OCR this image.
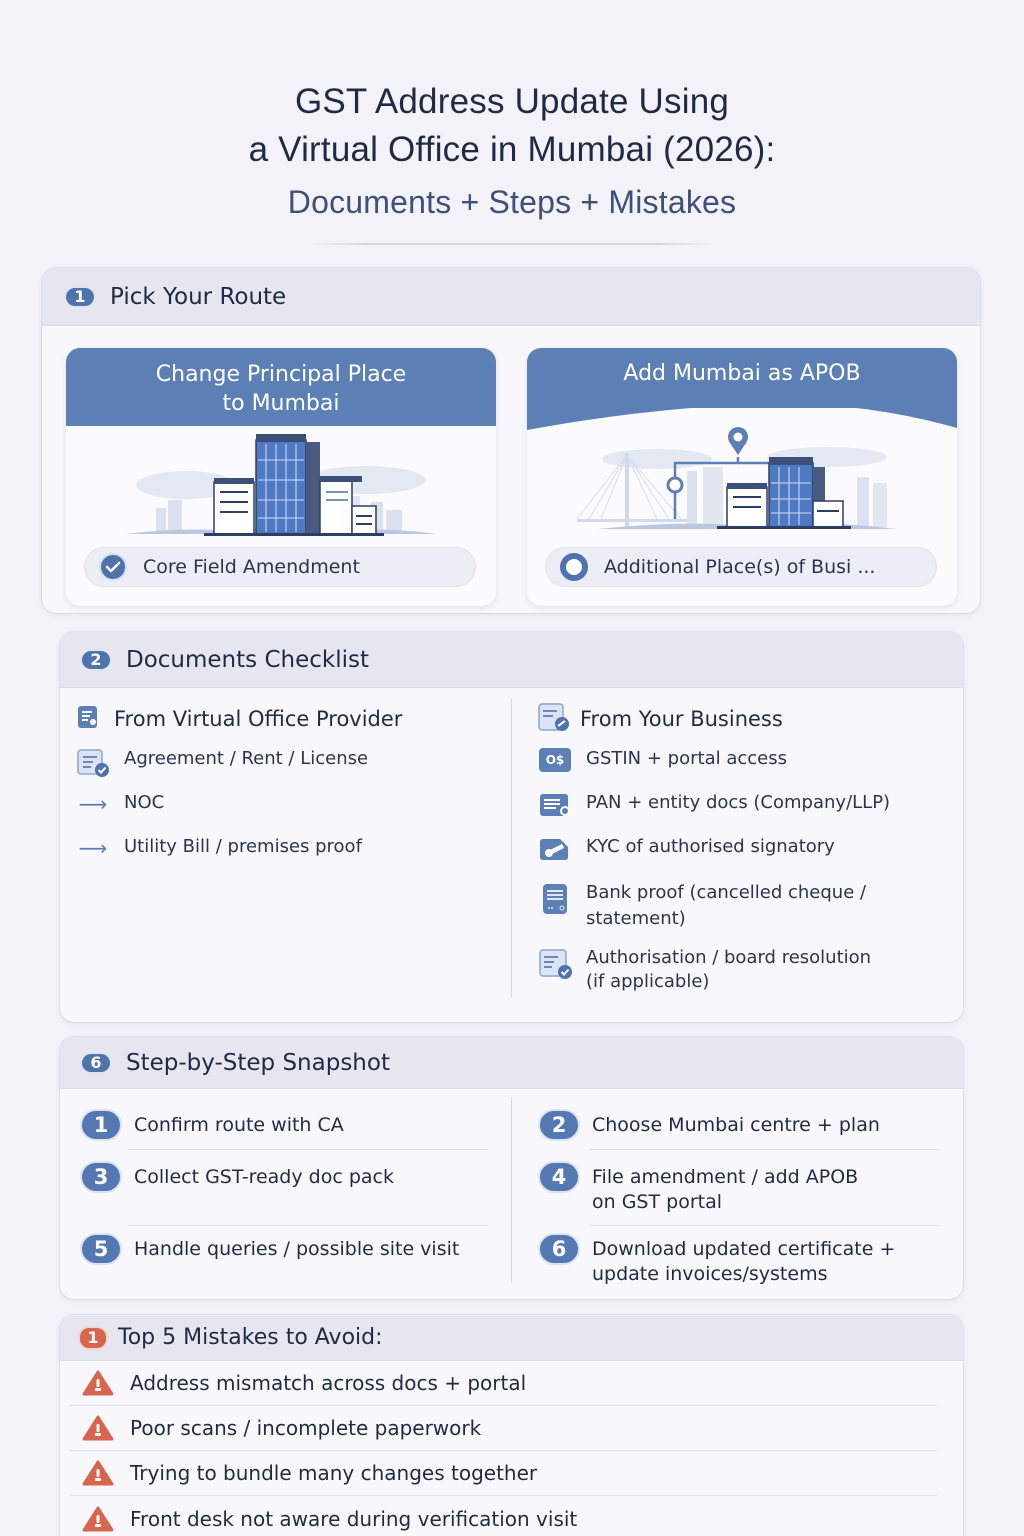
GST Address Update Using
a Virtual Office in Mumbai (2026):
Documents + Steps + Mistakes
1	Pick Your Route
Change Principal Place
to Mumbai
Core Field Amendment
Add Mumbai as APOB
Additional Place(s) of Busi ...
2	Documents Checklist
From Virtual Office Provider
Agreement / Rent / License
⟶ NOC
⟶ Utility Bill / premises proof
From Your Business
O$	GSTIN + portal access
PAN + entity docs (Company/LLP)
KYC of authorised signatory
Bank proof (cancelled cheque /
statement)
Authorisation / board resolution
(if applicable)
6	Step-by-Step Snapshot
1	Confirm route with CA
3	Collect GST-ready doc pack
5	Handle queries / possible site visit
2	Choose Mumbai centre + plan
4	File amendment / add APOB
on GST portal
6	Download updated certificate +
update invoices/systems
1 Top 5 Mistakes to Avoid:
Address mismatch across docs + portal
Poor scans / incomplete paperwork
Trying to bundle many changes together
Front desk not aware during verification visit
